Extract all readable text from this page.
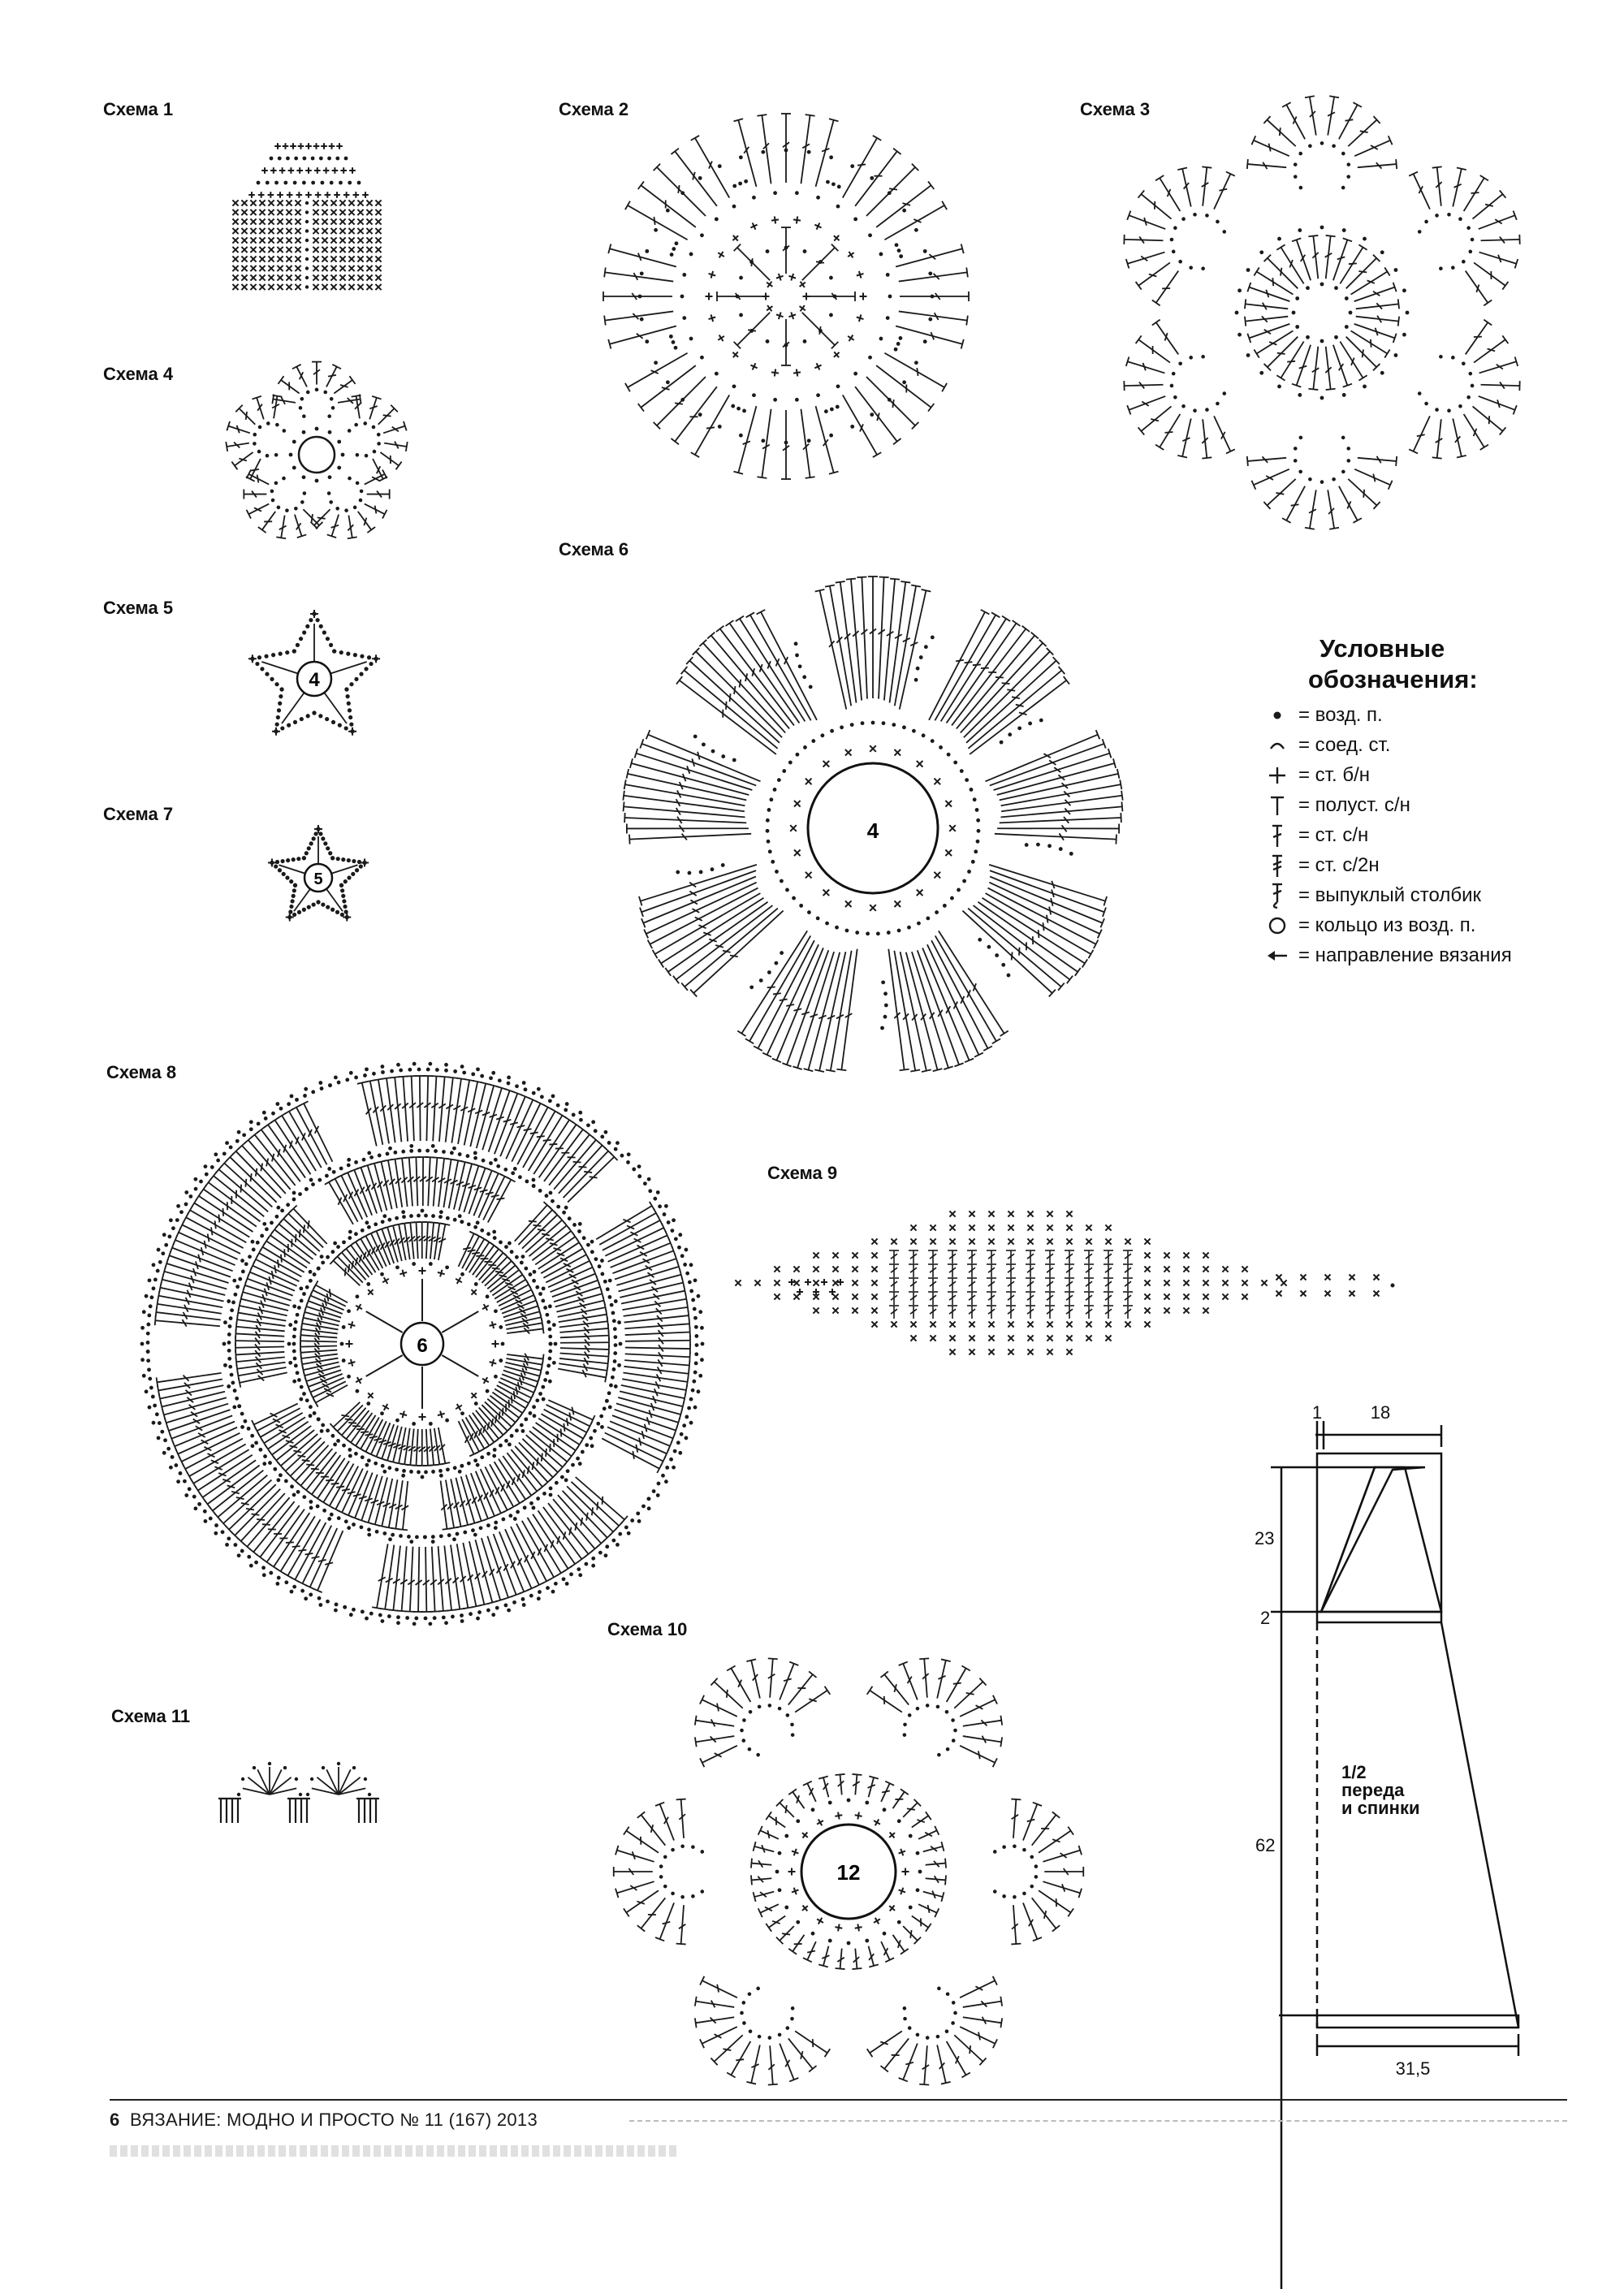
Схема 1	Схема 2	Схема 3
Схема 4
Схема 5
Схема 6
Схема 7
Схема 8
Схема 9
Схема 10
Схема 11
4
4
5
6
12
Условные
обозначения:
= возд. п.
= соед. ст.
= ст. б/н
= полуст. с/н
= ст. с/н
= ст. с/2н
= выпуклый столбик
= кольцо из возд. п.
= направление вязания
1	18
23
2
62
31,5
1/2
переда
и спинки
6 ВЯЗАНИЕ: МОДНО И ПРОСТО № 11 (167) 2013
